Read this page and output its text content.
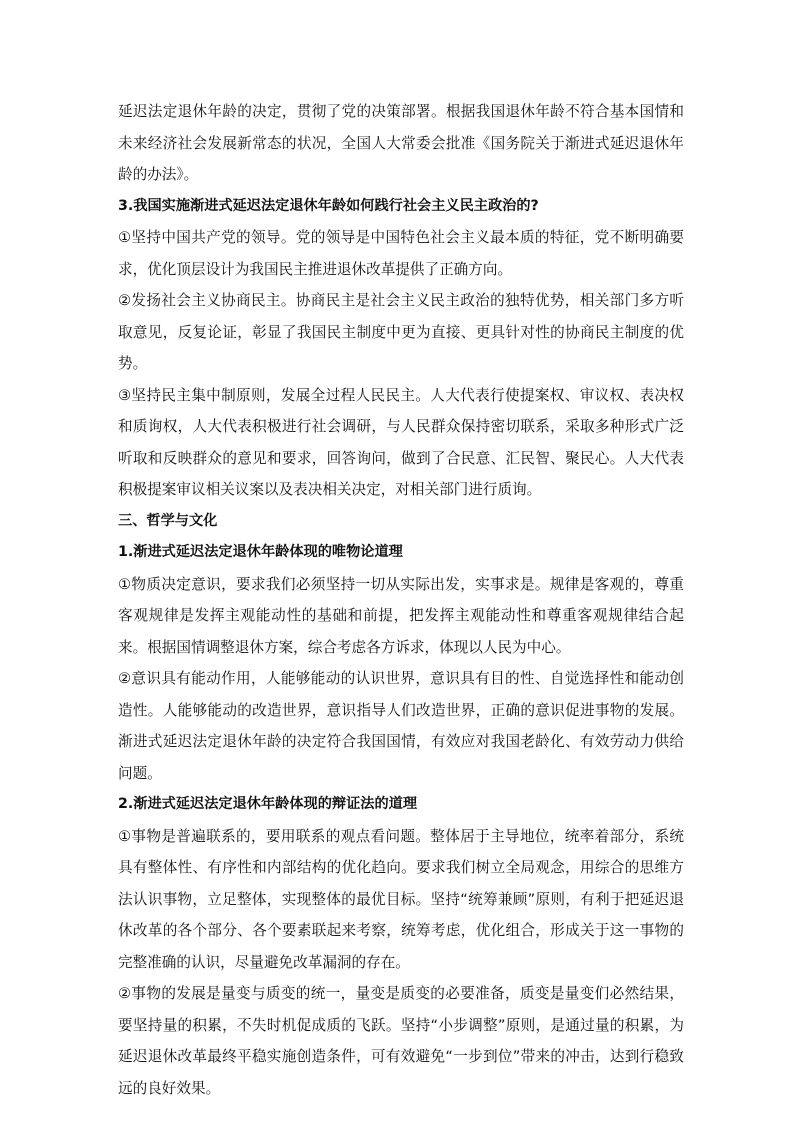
延迟法定退休年龄的决定，贯彻了党的决策部署。根据我国退休年龄不符合基本国情和未来经济社会发展新常态的状况，全国人大常委会批准《国务院关于渐进式延迟退休年龄的办法》。

3.我国实施渐进式延迟法定退休年龄如何践行社会主义民主政治的?

①坚持中国共产党的领导。党的领导是中国特色社会主义最本质的特征，党不断明确要求，优化顶层设计为我国民主推进退休改革提供了正确方向。

②发扬社会主义协商民主。协商民主是社会主义民主政治的独特优势，相关部门多方听取意见，反复论证，彰显了我国民主制度中更为直接、更具针对性的协商民主制度的优势。

③坚持民主集中制原则，发展全过程人民民主。人大代表行使提案权、审议权、表决权和质询权，人大代表积极进行社会调研，与人民群众保持密切联系，采取多种形式广泛听取和反映群众的意见和要求，回答询问，做到了合民意、汇民智、聚民心。人大代表积极提案审议相关议案以及表决相关决定，对相关部门进行质询。

三、哲学与文化

1.渐进式延迟法定退休年龄体现的唯物论道理

①物质决定意识，要求我们必须坚持一切从实际出发，实事求是。规律是客观的，尊重客观规律是发挥主观能动性的基础和前提，把发挥主观能动性和尊重客观规律结合起来。根据国情调整退休方案，综合考虑各方诉求，体现以人民为中心。

②意识具有能动作用，人能够能动的认识世界，意识具有目的性、自觉选择性和能动创造性。人能够能动的改造世界，意识指导人们改造世界，正确的意识促进事物的发展。渐进式延迟法定退休年龄的决定符合我国国情，有效应对我国老龄化、有效劳动力供给问题。

2.渐进式延迟法定退休年龄体现的辩证法的道理

①事物是普遍联系的，要用联系的观点看问题。整体居于主导地位，统率着部分，系统具有整体性、有序性和内部结构的优化趋向。要求我们树立全局观念，用综合的思维方法认识事物，立足整体，实现整体的最优目标。坚持“统筹兼顾”原则，有利于把延迟退休改革的各个部分、各个要素联起来考察，统筹考虑，优化组合，形成关于这一事物的完整准确的认识，尽量避免改革漏洞的存在。

②事物的发展是量变与质变的统一，量变是质变的必要准备，质变是量变们必然结果，要坚持量的积累，不失时机促成质的飞跃。坚持“小步调整”原则，是通过量的积累，为延迟退休改革最终平稳实施创造条件，可有效避免“一步到位”带来的冲击，达到行稳致远的良好效果。
